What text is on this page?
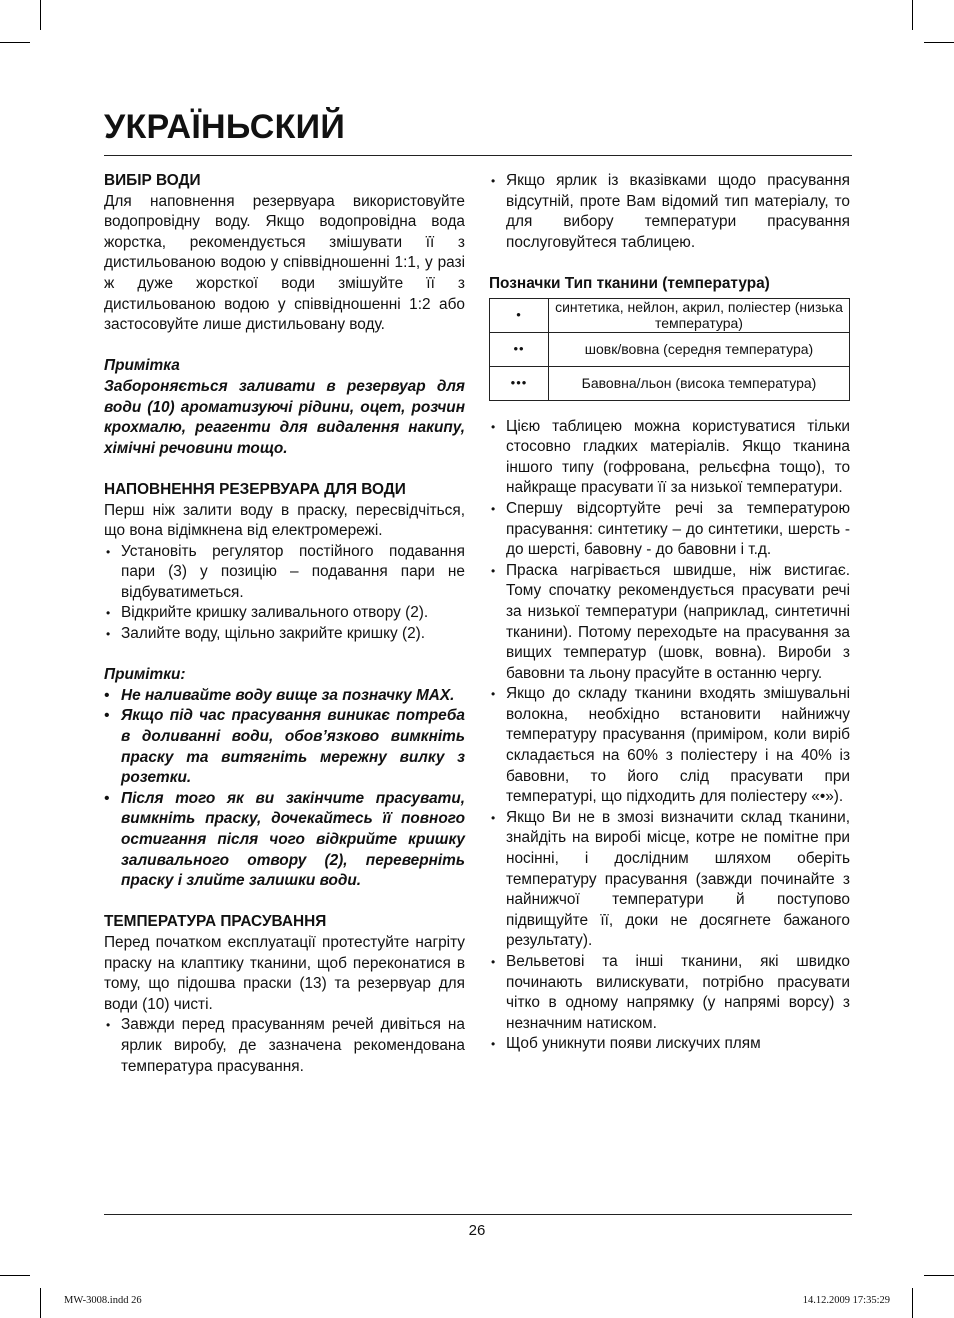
УКРАЇНЬСКИЙ
ВИБІР ВОДИ

Для наповнення резервуара використовуйте водопровідну воду. Якщо водопровідна вода жорстка, рекомендується змішувати її з дистильованою водою у співвідношенні 1:1, у разі ж дуже жорсткої води змішуйте її з дистильованою водою у співвідношенні 1:2 або застосовуйте лише дистильовану воду.

Примітка

Забороняється заливати в резервуар для води (10) ароматизуючі рідини, оцет, розчин крохмалю, реагенти для видалення накипу, хімічні речовини тощо.

НАПОВНЕННЯ РЕЗЕРВУАРА ДЛЯ ВОДИ

Перш ніж залити воду в праску, пересвідчіться, що вона відімкнена від електромережі.

• Установіть регулятор постійного подавання пари (3) у позицію – подавання пари не відбуватиметься.
• Відкрийте кришку заливального отвору (2).
• Залийте воду, щільно закрийте кришку (2).

Примітки:

• Не наливайте воду вище за позначку MAX.
• Якщо під час прасування виникає потреба в доливанні води, обов’язково вимкніть праску та витягніть мережну вилку з розетки.
• Після того як ви закінчите прасувати, вимкніть праску, дочекайтесь її повного остигання після чого відкрийте кришку заливального отвору (2), переверніть праску і злийте залишки води.
ТЕМПЕРАТУРА ПРАСУВАННЯ

Перед початком експлуатації протестуйте нагріту праску на клаптику тканини, щоб переконатися в тому, що підошва праски (13) та резервуар для води (10) чисті.

• Завжди перед прасуванням речей дивіться на ярлик виробу, де зазначена рекомендована температура прасування.
• Якщо ярлик із вказівками щодо прасування відсутній, проте Вам відомий тип матеріалу, то для вибору температури прасування послуговуйтеся таблицею.
Позначки Тип тканини (температура)
•	синтетика, нейлон, акрил, поліестер (низька температура)
••	шовк/вовна (середня температура)
•••	Бавовна/льон (висока температура)
• Цією таблицею можна користуватися тільки стосовно гладких матеріалів. Якщо тканина іншого типу (гофрована, рельєфна тощо), то найкраще прасувати її за низької температури.
• Спершу відсортуйте речі за температурою прасування: синтетику – до синтетики, шерсть - до шерсті, бавовну - до бавовни і т.д.
• Праска нагрівається швидше, ніж вистигає. Тому спочатку рекомендується прасувати речі за низької температури (наприклад, синтетичні тканини). Потому переходьте на прасування за вищих температур (шовк, вовна). Вироби з бавовни та льону прасуйте в останню чергу.
• Якщо до складу тканини входять змішувальні волокна, необхідно встановити найнижчу температуру прасування (приміром, коли виріб складається на 60% з поліестеру і на 40% із бавовни, то його слід прасувати при температурі, що підходить для поліестеру «•»).
• Якщо Ви не в змозі визначити склад тканини, знайдіть на виробі місце, котре не помітне при носінні, і дослідним шляхом оберіть температуру прасування (завжди починайте з найнижчої температури й поступово підвищуйте її, доки не досягнете бажаного результату).
• Вельветові та інші тканини, які швидко починають вилискувати, потрібно прасувати чітко в одному напрямку (у напрямі ворсу) з незначним натиском.
• Щоб уникнути появи лискучих плям
26
MW-3008.indd 26	14.12.2009 17:35:29
